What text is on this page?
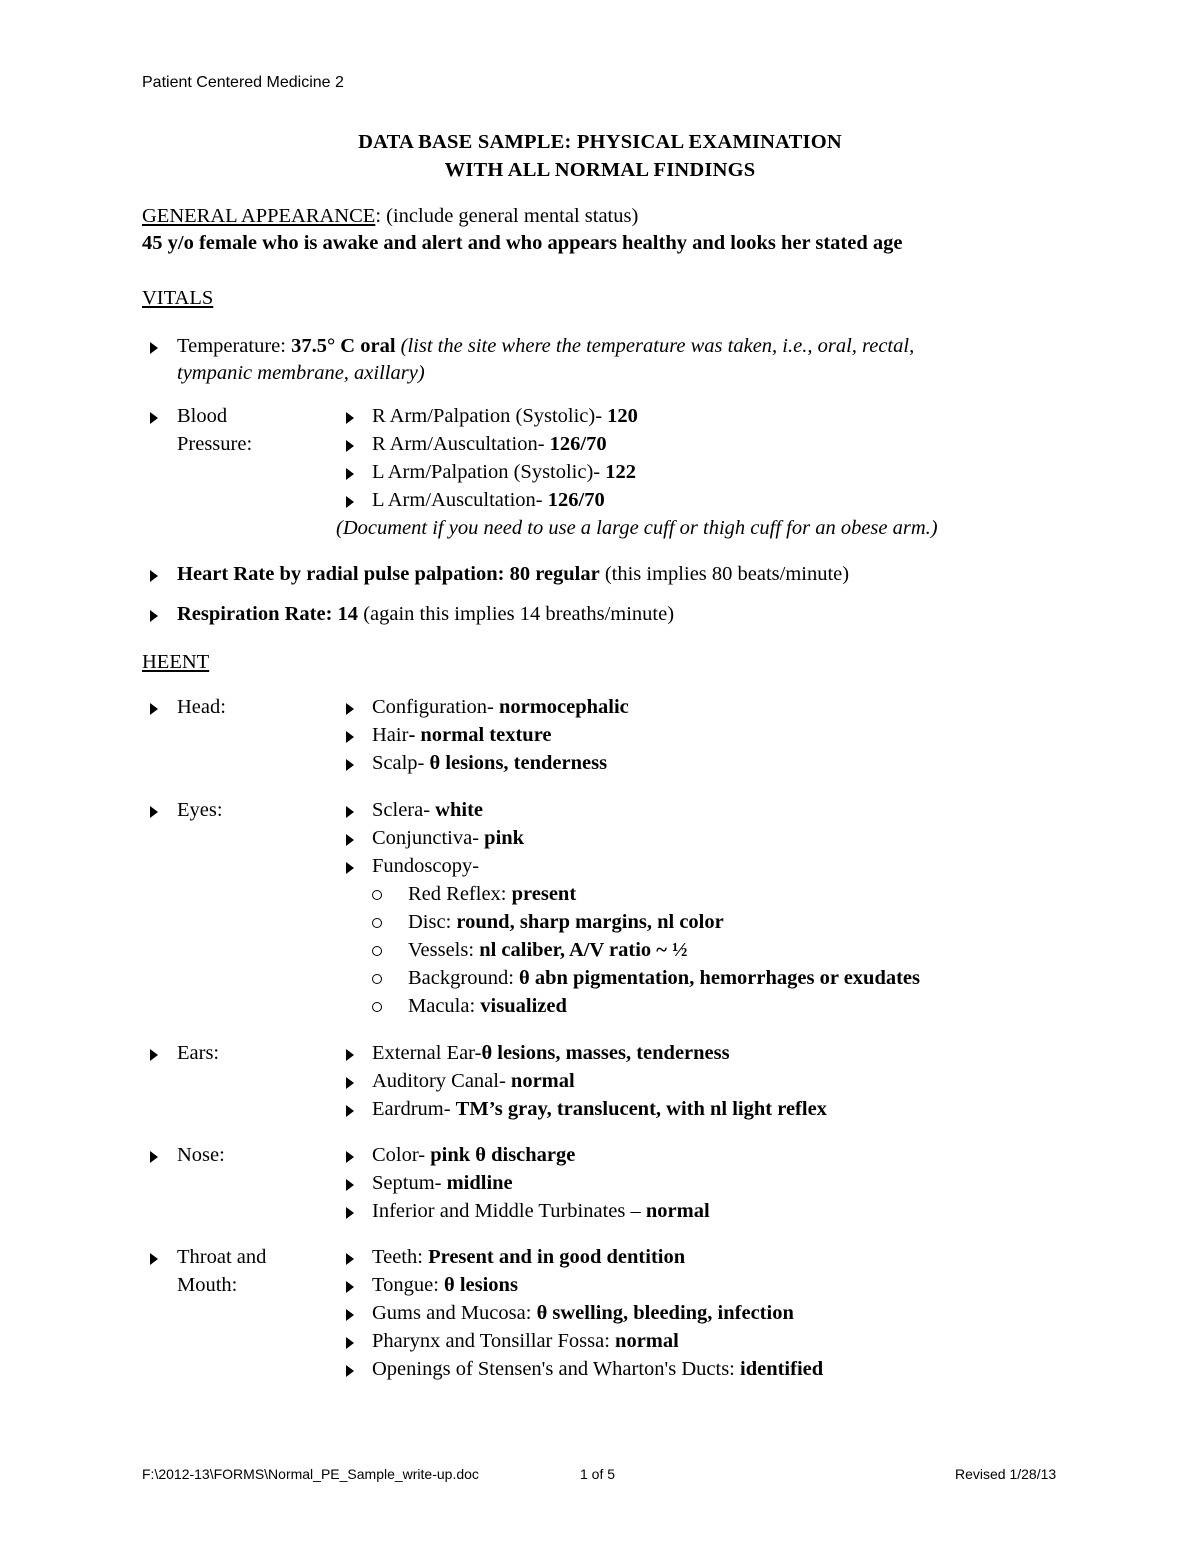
Patient Centered Medicine 2
DATA BASE SAMPLE: PHYSICAL EXAMINATION
WITH ALL NORMAL FINDINGS
GENERAL APPEARANCE: (include general mental status)
45 y/o female who is awake and alert and who appears healthy and looks her stated age
VITALS
Temperature: 37.5° C oral (list the site where the temperature was taken, i.e., oral, rectal,
tympanic membrane, axillary)
Blood
Pressure:
R Arm/Palpation (Systolic)- 120
R Arm/Auscultation- 126/70
L Arm/Palpation (Systolic)- 122
L Arm/Auscultation- 126/70
(Document if you need to use a large cuff or thigh cuff for an obese arm.)
Heart Rate by radial pulse palpation: 80 regular (this implies 80 beats/minute)
Respiration Rate: 14 (again this implies 14 breaths/minute)
HEENT
Head:	Configuration- normocephalic
Hair- normal texture
Scalp- θ lesions, tenderness
Eyes:	Sclera- white
Conjunctiva- pink
Fundoscopy-
Red Reflex: present
Disc: round, sharp margins, nl color
Vessels: nl caliber, A/V ratio ~ ½
Background: θ abn pigmentation, hemorrhages or exudates
Macula: visualized
Ears:	External Ear-θ lesions, masses, tenderness
Auditory Canal- normal
Eardrum- TM’s gray, translucent, with nl light reflex
Nose:	Color- pink θ discharge
Septum- midline
Inferior and Middle Turbinates – normal
Throat and
Mouth:
Teeth: Present and in good dentition
Tongue: θ lesions
Gums and Mucosa: θ swelling, bleeding, infection
Pharynx and Tonsillar Fossa: normal
Openings of Stensen's and Wharton's Ducts: identified
F:\2012-13\FORMS\Normal_PE_Sample_write-up.doc	1 of 5	Revised 1/28/13
